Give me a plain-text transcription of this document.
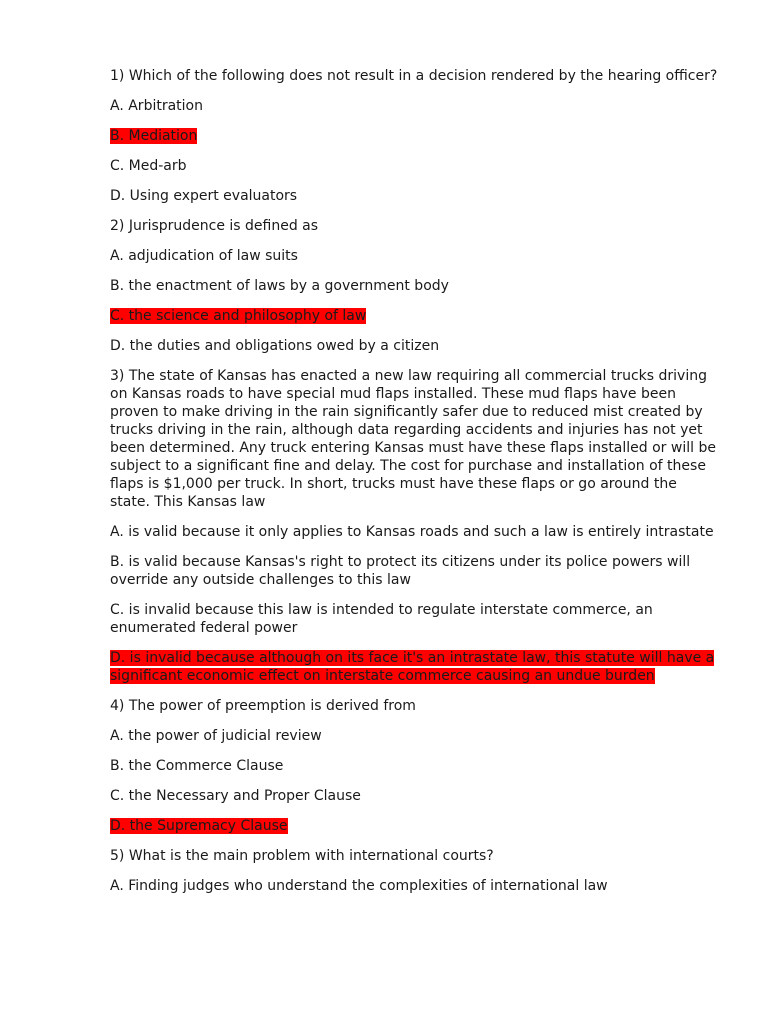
1) Which of the following does not result in a decision rendered by the hearing officer?

A. Arbitration

B. Mediation

C. Med-arb

D. Using expert evaluators

2) Jurisprudence is defined as

A. adjudication of law suits

B. the enactment of laws by a government body

C. the science and philosophy of law

D. the duties and obligations owed by a citizen

3) The state of Kansas has enacted a new law requiring all commercial trucks driving on Kansas roads to have special mud flaps installed. These mud flaps have been proven to make driving in the rain significantly safer due to reduced mist created by trucks driving in the rain, although data regarding accidents and injuries has not yet been determined. Any truck entering Kansas must have these flaps installed or will be subject to a significant fine and delay. The cost for purchase and installation of these flaps is $1,000 per truck. In short, trucks must have these flaps or go around the state. This Kansas law

A. is valid because it only applies to Kansas roads and such a law is entirely intrastate

B. is valid because Kansas's right to protect its citizens under its police powers will override any outside challenges to this law

C. is invalid because this law is intended to regulate interstate commerce, an enumerated federal power

D. is invalid because although on its face it's an intrastate law, this statute will have a significant economic effect on interstate commerce causing an undue burden

4) The power of preemption is derived from

A. the power of judicial review

B. the Commerce Clause

C. the Necessary and Proper Clause

D. the Supremacy Clause

5) What is the main problem with international courts?

A. Finding judges who understand the complexities of international law
